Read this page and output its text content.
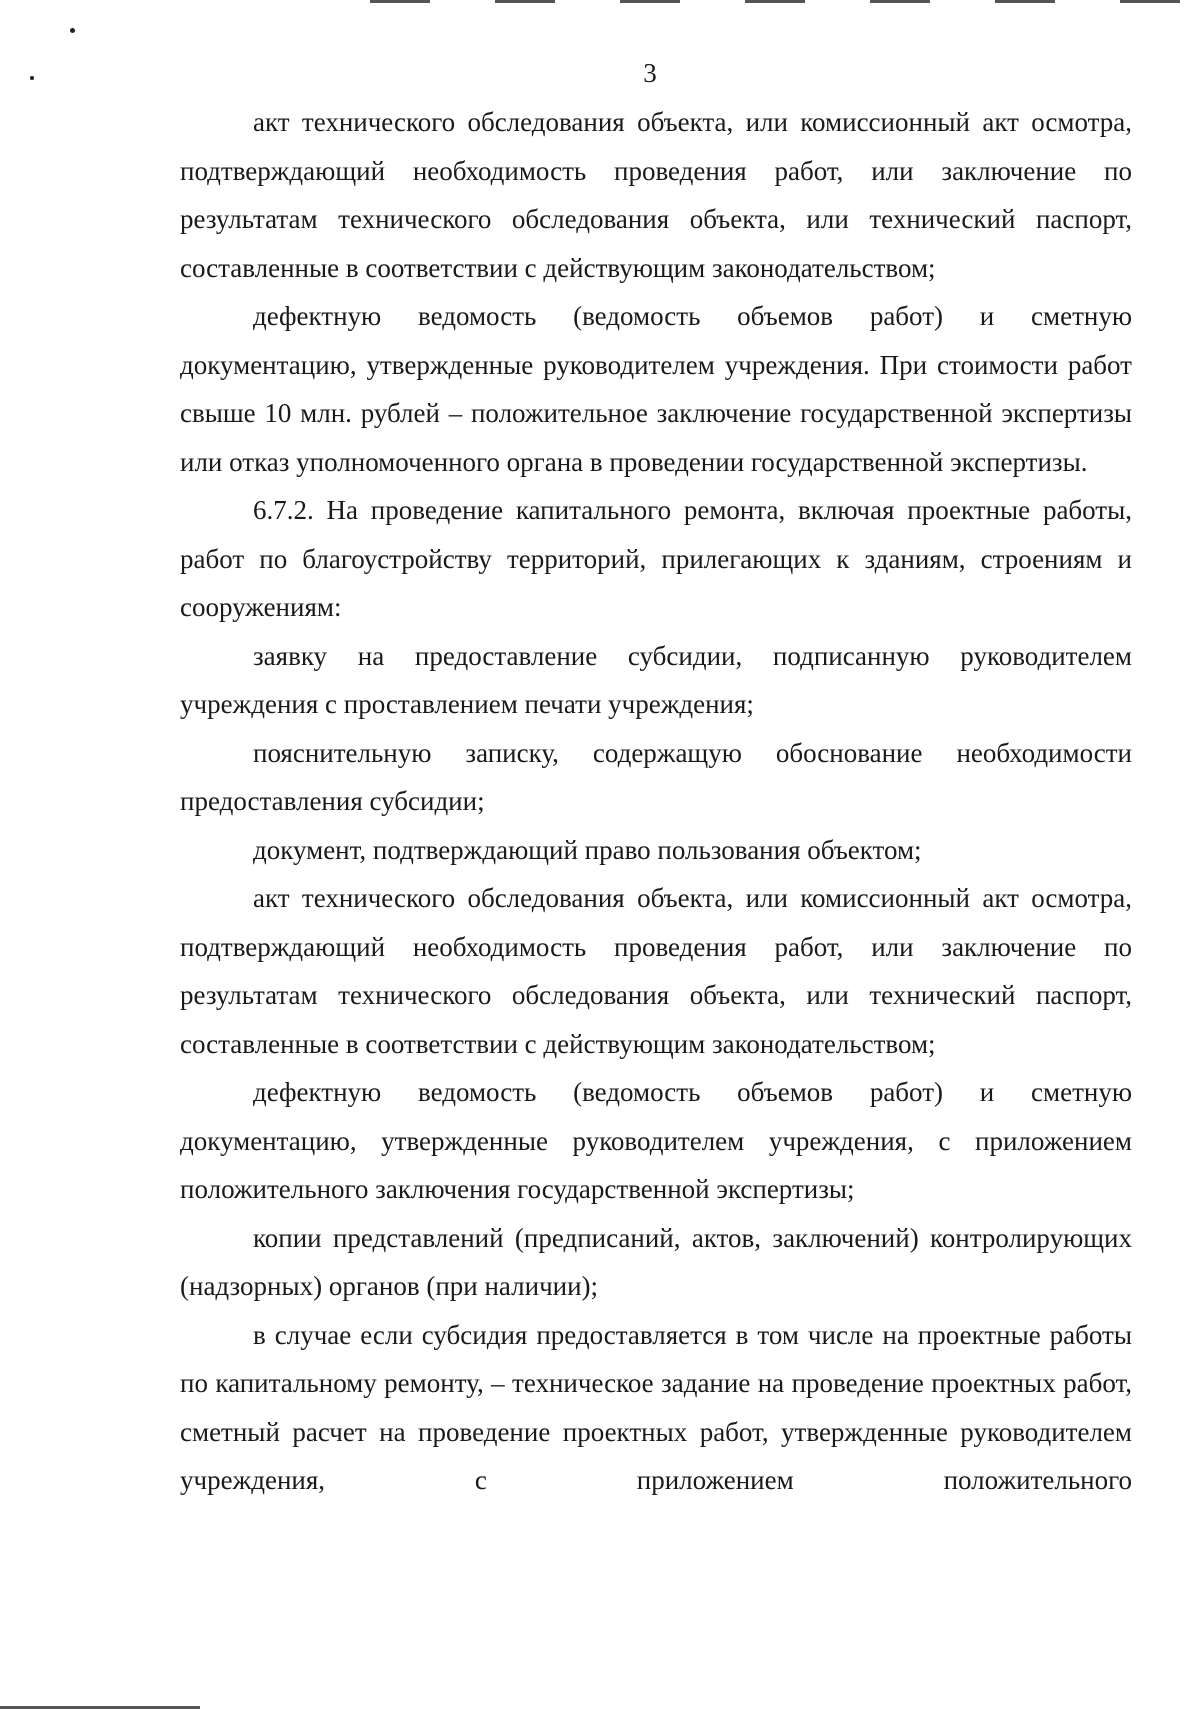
3

акт технического обследования объекта, или комиссионный акт осмотра, подтверждающий необходимость проведения работ, или заключение по результатам технического обследования объекта, или технический паспорт, составленные в соответствии с действующим законодательством;

дефектную ведомость (ведомость объемов работ) и сметную документацию, утвержденные руководителем учреждения. При стоимости работ свыше 10 млн. рублей – положительное заключение государственной экспертизы или отказ уполномоченного органа в проведении государственной экспертизы.

6.7.2. На проведение капитального ремонта, включая проектные работы, работ по благоустройству территорий, прилегающих к зданиям, строениям и сооружениям:

заявку на предоставление субсидии, подписанную руководителем учреждения с проставлением печати учреждения;

пояснительную записку, содержащую обоснование необходимости предоставления субсидии;

документ, подтверждающий право пользования объектом;

акт технического обследования объекта, или комиссионный акт осмотра, подтверждающий необходимость проведения работ, или заключение по результатам технического обследования объекта, или технический паспорт, составленные в соответствии с действующим законодательством;

дефектную ведомость (ведомость объемов работ) и сметную документацию, утвержденные руководителем учреждения, с приложением положительного заключения государственной экспертизы;

копии представлений (предписаний, актов, заключений) контролирующих (надзорных) органов (при наличии);

в случае если субсидия предоставляется в том числе на проектные работы по капитальному ремонту, – техническое задание на проведение проектных работ, сметный расчет на проведение проектных работ, утвержденные руководителем учреждения, с приложением положительного
